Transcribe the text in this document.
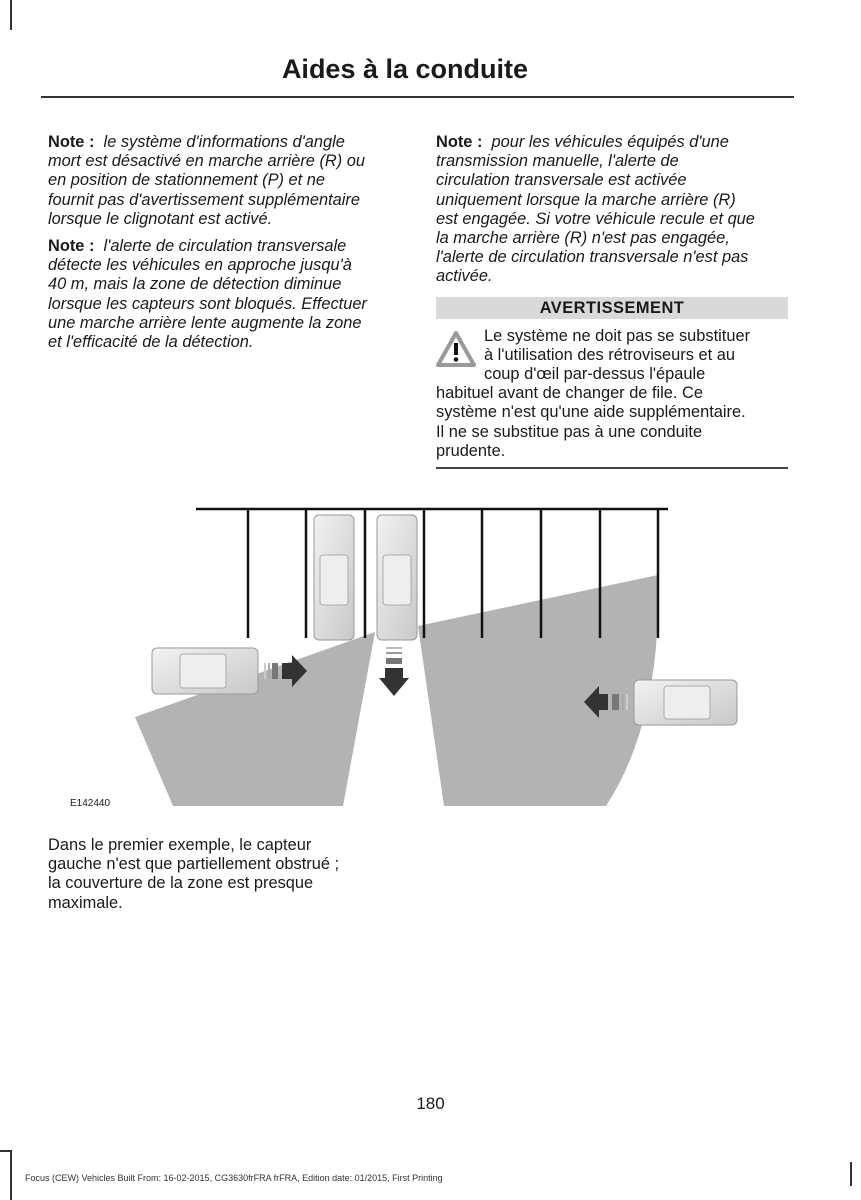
Aides à la conduite
Note : le système d'informations d'angle
mort est désactivé en marche arrière (R) ou
en position de stationnement (P) et ne
fournit pas d'avertissement supplémentaire
lorsque le clignotant est activé.
Note : l'alerte de circulation transversale
détecte les véhicules en approche jusqu'à
40 m, mais la zone de détection diminue
lorsque les capteurs sont bloqués. Effectuer
une marche arrière lente augmente la zone
et l'efficacité de la détection.
Note : pour les véhicules équipés d'une
transmission manuelle, l'alerte de
circulation transversale est activée
uniquement lorsque la marche arrière (R)
est engagée. Si votre véhicule recule et que
la marche arrière (R) n'est pas engagée,
l'alerte de circulation transversale n'est pas
activée.
AVERTISSEMENT
Le système ne doit pas se substituer
à l'utilisation des rétroviseurs et au
coup d'œil par-dessus l'épaule
habituel avant de changer de file. Ce
système n'est qu'une aide supplémentaire.
Il ne se substitue pas à une conduite
prudente.
E142440
Dans le premier exemple, le capteur
gauche n'est que partiellement obstrué ;
la couverture de la zone est presque
maximale.
180
Focus (CEW) Vehicles Built From: 16-02-2015, CG3630frFRA frFRA, Edition date: 01/2015, First Printing
